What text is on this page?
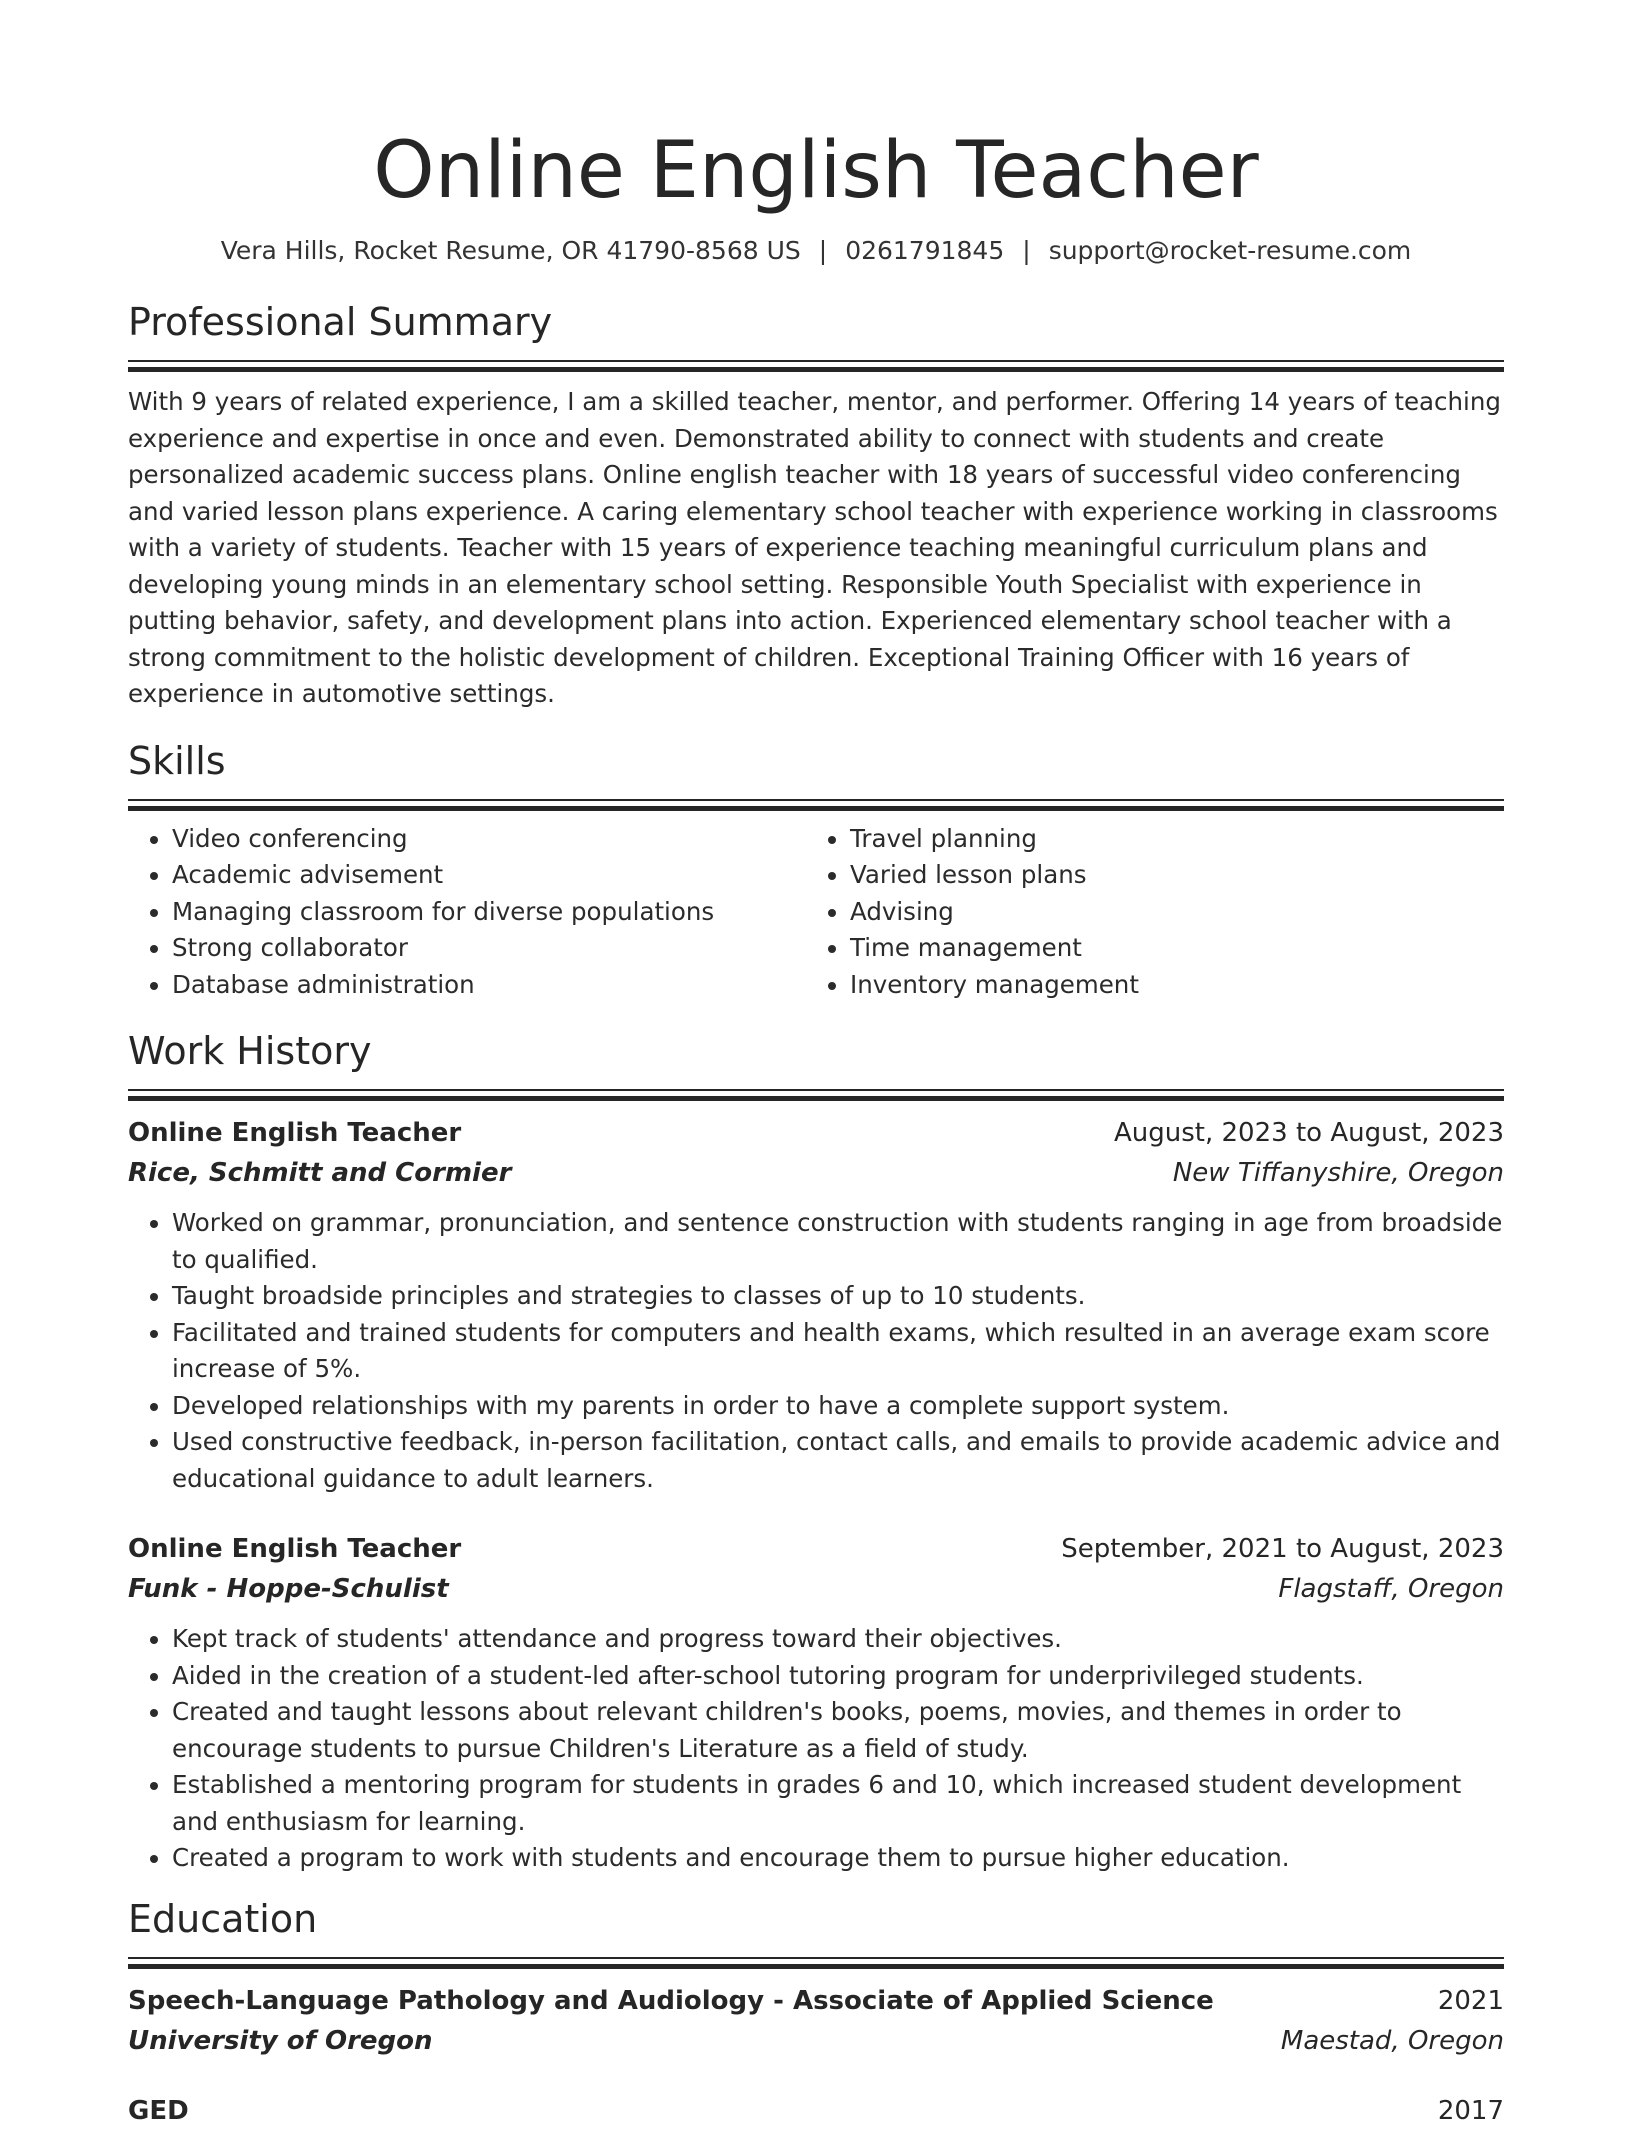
Online English Teacher
Vera Hills, Rocket Resume, OR 41790-8568 US | 0261791845 | support@rocket-resume.com
Professional Summary

With 9 years of related experience, I am a skilled teacher, mentor, and performer. Offering 14 years of teaching experience and expertise in once and even. Demonstrated ability to connect with students and create personalized academic success plans. Online english teacher with 18 years of successful video conferencing and varied lesson plans experience. A caring elementary school teacher with experience working in classrooms with a variety of students. Teacher with 15 years of experience teaching meaningful curriculum plans and developing young minds in an elementary school setting. Responsible Youth Specialist with experience in putting behavior, safety, and development plans into action. Experienced elementary school teacher with a strong commitment to the holistic development of children. Exceptional Training Officer with 16 years of experience in automotive settings.

Skills
• Video conferencing
• Academic advisement
• Managing classroom for diverse populations
• Strong collaborator
• Database administration
• Travel planning
• Varied lesson plans
• Advising
• Time management
• Inventory management
Work History
Online English Teacher	August, 2023 to August, 2023
Rice, Schmitt and Cormier	New Tiffanyshire, Oregon
• Worked on grammar, pronunciation, and sentence construction with students ranging in age from broadside to qualified.
• Taught broadside principles and strategies to classes of up to 10 students.
• Facilitated and trained students for computers and health exams, which resulted in an average exam score increase of 5%.
• Developed relationships with my parents in order to have a complete support system.
• Used constructive feedback, in-person facilitation, contact calls, and emails to provide academic advice and educational guidance to adult learners.
Online English Teacher	September, 2021 to August, 2023
Funk - Hoppe-Schulist	Flagstaff, Oregon
• Kept track of students' attendance and progress toward their objectives.
• Aided in the creation of a student-led after-school tutoring program for underprivileged students.
• Created and taught lessons about relevant children's books, poems, movies, and themes in order to encourage students to pursue Children's Literature as a field of study.
• Established a mentoring program for students in grades 6 and 10, which increased student development and enthusiasm for learning.
• Created a program to work with students and encourage them to pursue higher education.
Education
Speech-Language Pathology and Audiology - Associate of Applied Science	2021
University of Oregon	Maestad, Oregon
GED	2017
